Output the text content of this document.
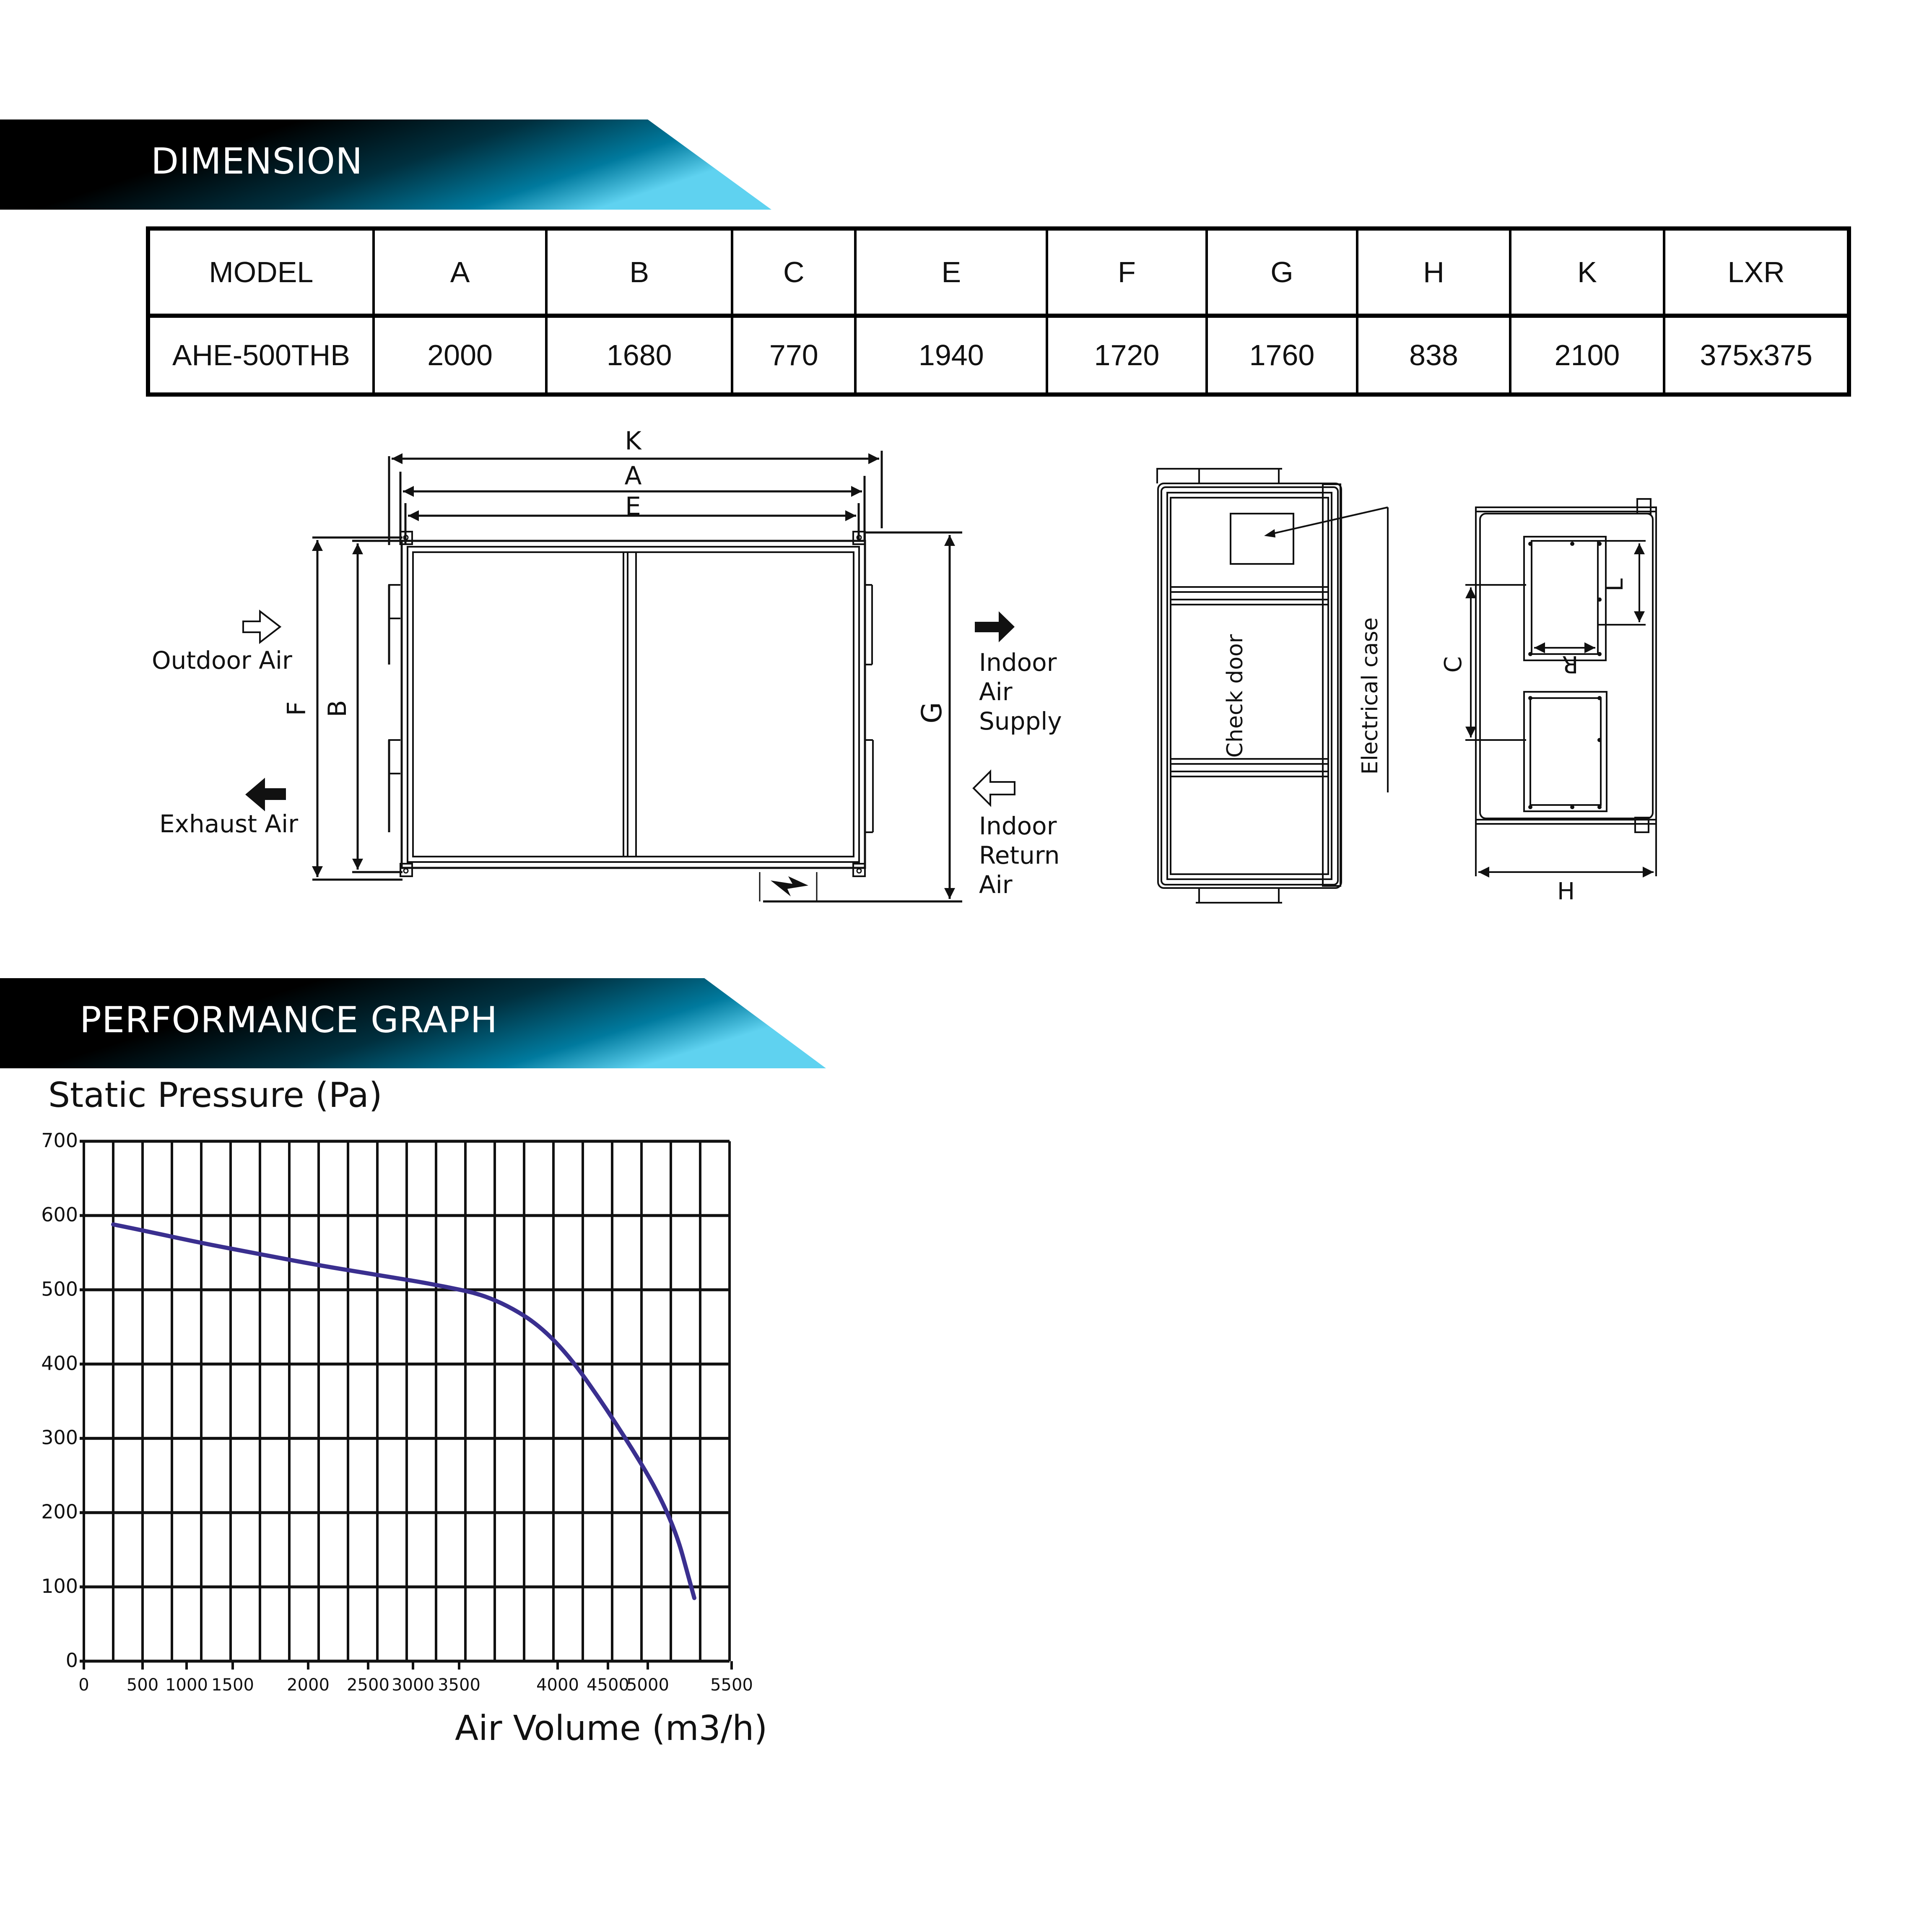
DIMENSION
MODEL	A	B	C	E	F	G	H	K	LXR
AHE-500THB	2000	1680	770	1940	1720	1760	838	2100	375x375
K
A
E
F B	G
Outdoor Air
Exhaust Air
Indoor
Air
Supply
Indoor
Return
Air
Check door	Electrical case C
L
R
H
PERFORMANCE GRAPH
Static Pressure (Pa)
0
100
200
300
400
500
600
700
0 500 1000 1500 2000 2500 3000 3500	4000 4500
5000 5500
Air Volume (m3/h)
